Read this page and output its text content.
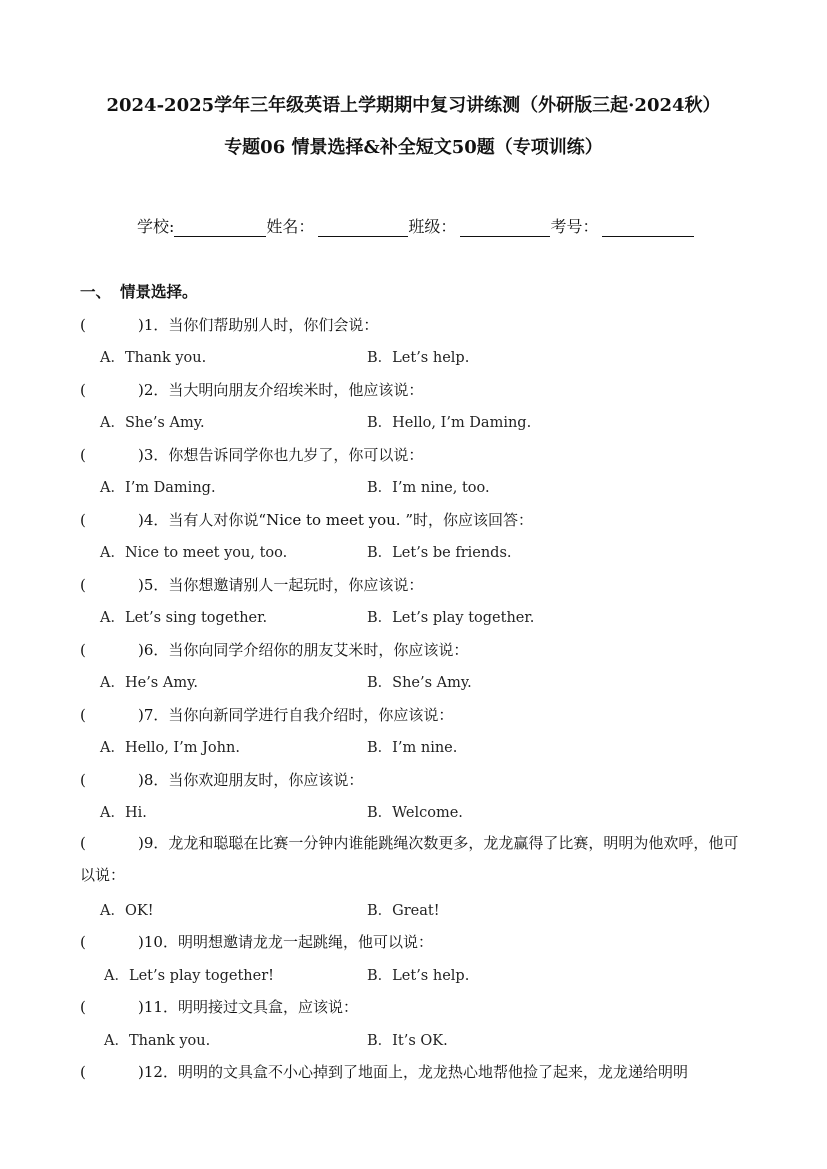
2024-2025学年三年级英语上学期期中复习讲练测（外研版三起·2024秋）
专题06 情景选择&补全短文50题（专项训练）
学校:	姓名：	班级：	考号：
一、 情景选择。
(	)1．当你们帮助别人时，你们会说：
A．Thank you.	B．Let’s help.
(	)2．当大明向朋友介绍埃米时，他应该说：
A．She’s Amy.	B．Hello, I’m Daming.
(	)3．你想告诉同学你也九岁了，你可以说：
A．I’m Daming.	B．I’m nine, too.
(	)4．当有人对你说“Nice to meet you. ”时，你应该回答：
A．Nice to meet you, too.	B．Let’s be friends.
(	)5．当你想邀请别人一起玩时，你应该说：
A．Let’s sing together.	B．Let’s play together.
(	)6．当你向同学介绍你的朋友艾米时，你应该说：
A．He’s Amy.	B．She’s Amy.
(	)7．当你向新同学进行自我介绍时，你应该说：
A．Hello, I’m John.	B．I’m nine.
(	)8．当你欢迎朋友时，你应该说：
A．Hi.	B．Welcome.
(	)9．龙龙和聪聪在比赛一分钟内谁能跳绳次数更多，龙龙赢得了比赛，明明为他欢呼，他可以说：
A．OK!	B．Great!
(	)10．明明想邀请龙龙一起跳绳，他可以说：
A．Let’s play together!	B．Let’s help.
(	)11．明明接过文具盒，应该说：
A．Thank you.	B．It’s OK.
(	)12．明明的文具盒不小心掉到了地面上，龙龙热心地帮他捡了起来，龙龙递给明明
